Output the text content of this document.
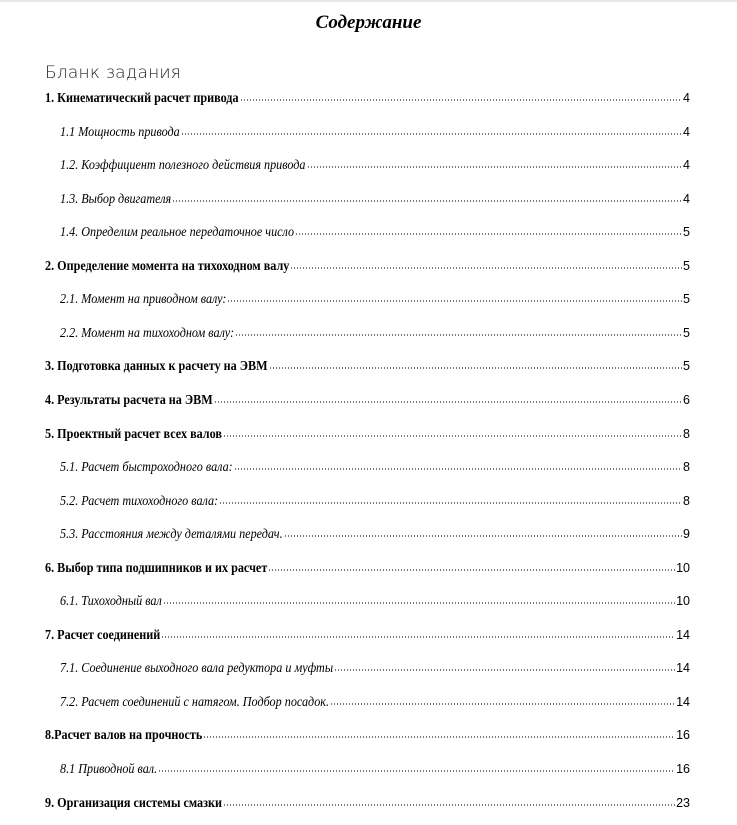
Содержание
Бланк задания
1. Кинематический расчет привода	4
1.1 Мощность привода	4
1.2. Коэффициент полезного действия привода	4
1.3. Выбор двигателя	4
1.4. Определим реальное передаточное число	5
2. Определение момента на тихоходном валу	5
2.1. Момент на приводном валу:	5
2.2. Момент на тихоходном валу:	5
3. Подготовка данных к расчету на ЭВМ	5
4. Результаты расчета на ЭВМ	6
5. Проектный расчет всех валов	8
5.1. Расчет быстроходного вала:	8
5.2. Расчет тихоходного вала:	8
5.3. Расстояния между деталями передач.	9
6. Выбор типа подшипников и их расчет	10
6.1. Тихоходный вал	10
7. Расчет соединений	14
7.1. Соединение выходного вала редуктора и муфты	14
7.2. Расчет соединений с натягом. Подбор посадок.	14
8.Расчет валов на прочность	16
8.1 Приводной вал.	16
9. Организация системы смазки	23
